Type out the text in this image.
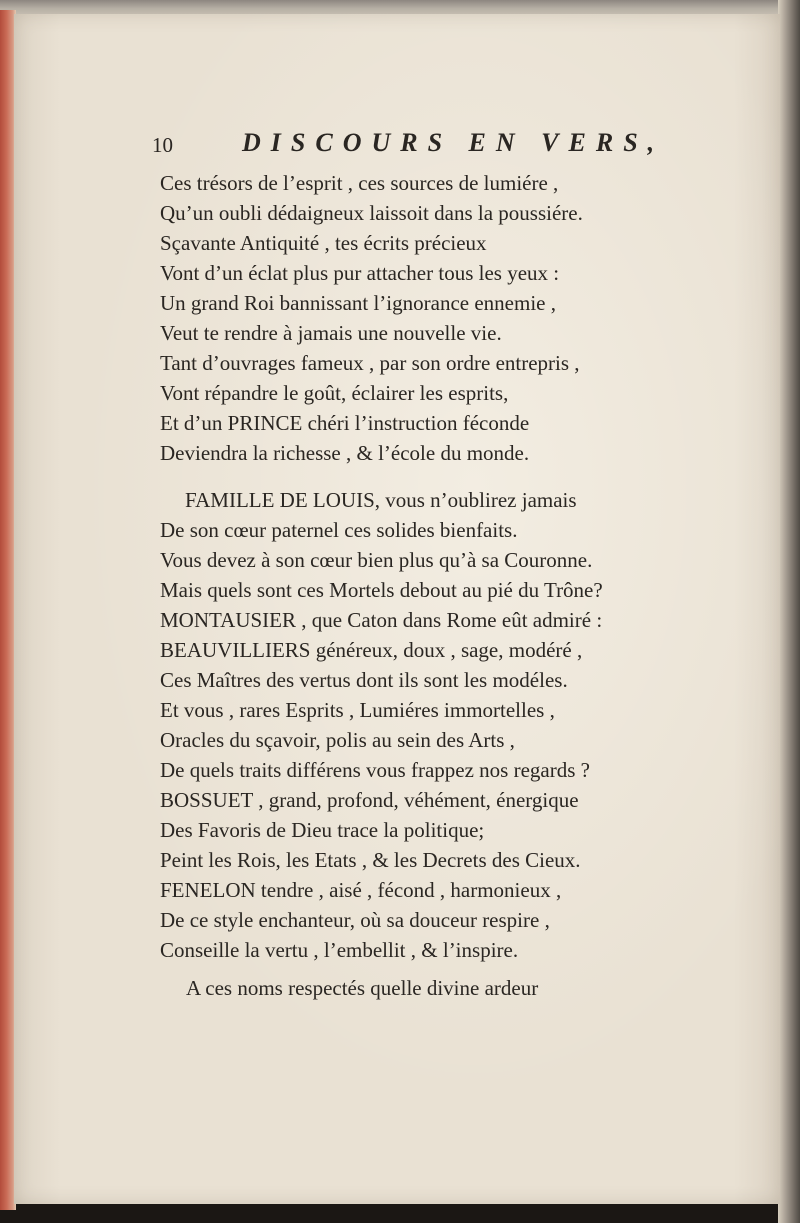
10	DISCOURS EN VERS,
Ces trésors de l’esprit , ces sources de lumiére ,
Qu’un oubli dédaigneux laissoit dans la poussiére.
Sçavante Antiquité , tes écrits précieux
Vont d’un éclat plus pur attacher tous les yeux :
Un grand Roi bannissant l’ignorance ennemie ,
Veut te rendre à jamais une nouvelle vie.
Tant d’ouvrages fameux , par son ordre entrepris ,
Vont répandre le goût, éclairer les esprits,
Et d’un PRINCE chéri l’instruction féconde
Deviendra la richesse , & l’école du monde.
FAMILLE DE LOUIS, vous n’oublirez jamais
De son cœur paternel ces solides bienfaits.
Vous devez à son cœur bien plus qu’à sa Couronne.
Mais quels sont ces Mortels debout au pié du Trône?
MONTAUSIER , que Caton dans Rome eût admiré :
BEAUVILLIERS généreux, doux , sage, modéré ,
Ces Maîtres des vertus dont ils sont les modéles.
Et vous , rares Esprits , Lumiéres immortelles ,
Oracles du sçavoir, polis au sein des Arts ,
De quels traits différens vous frappez nos regards ?
BOSSUET , grand, profond, véhément, énergique
Des Favoris de Dieu trace la politique;
Peint les Rois, les Etats , & les Decrets des Cieux.
FENELON tendre , aisé , fécond , harmonieux ,
De ce style enchanteur, où sa douceur respire ,
Conseille la vertu , l’embellit , & l’inspire.
A ces noms respectés quelle divine ardeur
